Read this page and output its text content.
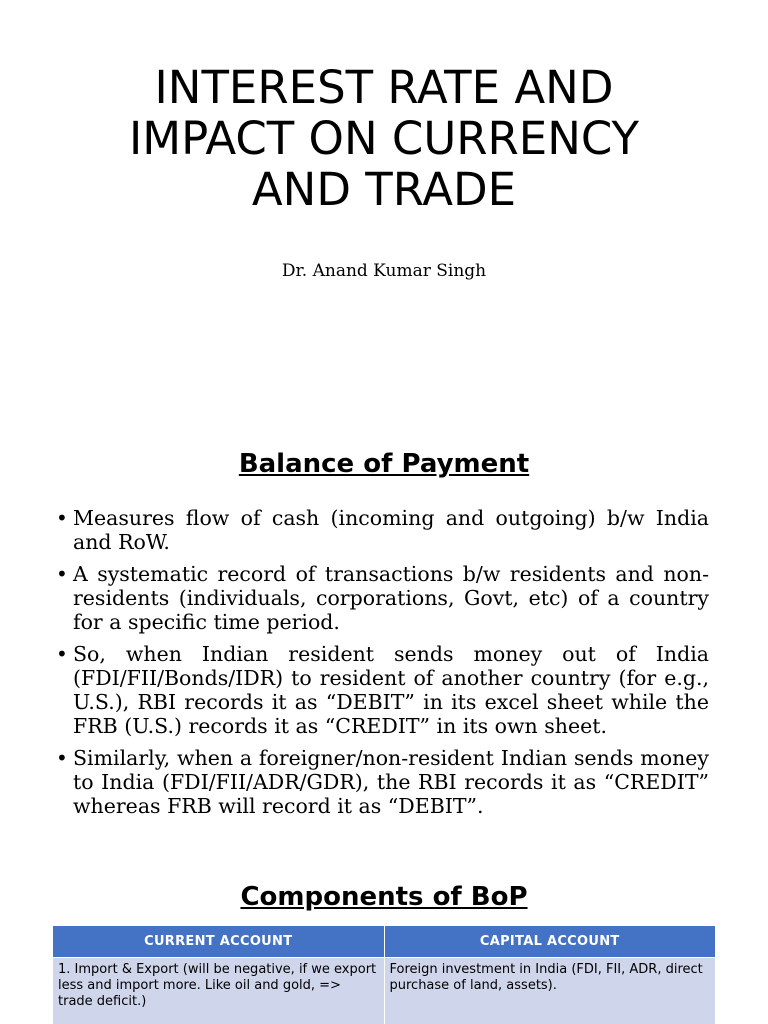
INTEREST RATE AND
IMPACT ON CURRENCY
AND TRADE
Dr. Anand Kumar Singh
Balance of Payment
• Measures flow of cash (incoming and outgoing) b/w India and RoW.
• A systematic record of transactions b/w residents and non-residents (individuals, corporations, Govt, etc) of a country for a specific time period.
• So, when Indian resident sends money out of India (FDI/FII/Bonds/IDR) to resident of another country (for e.g., U.S.), RBI records it as “DEBIT” in its excel sheet while the FRB (U.S.) records it as “CREDIT” in its own sheet.
• Similarly, when a foreigner/non-resident Indian sends money to India (FDI/FII/ADR/GDR), the RBI records it as “CREDIT” whereas FRB will record it as “DEBIT”.
Components of BoP
CURRENT ACCOUNT	CAPITAL ACCOUNT
1. Import & Export (will be negative, if we export less and import more. Like oil and gold, => trade deficit.)	Foreign investment in India (FDI, FII, ADR, direct purchase of land, assets).
